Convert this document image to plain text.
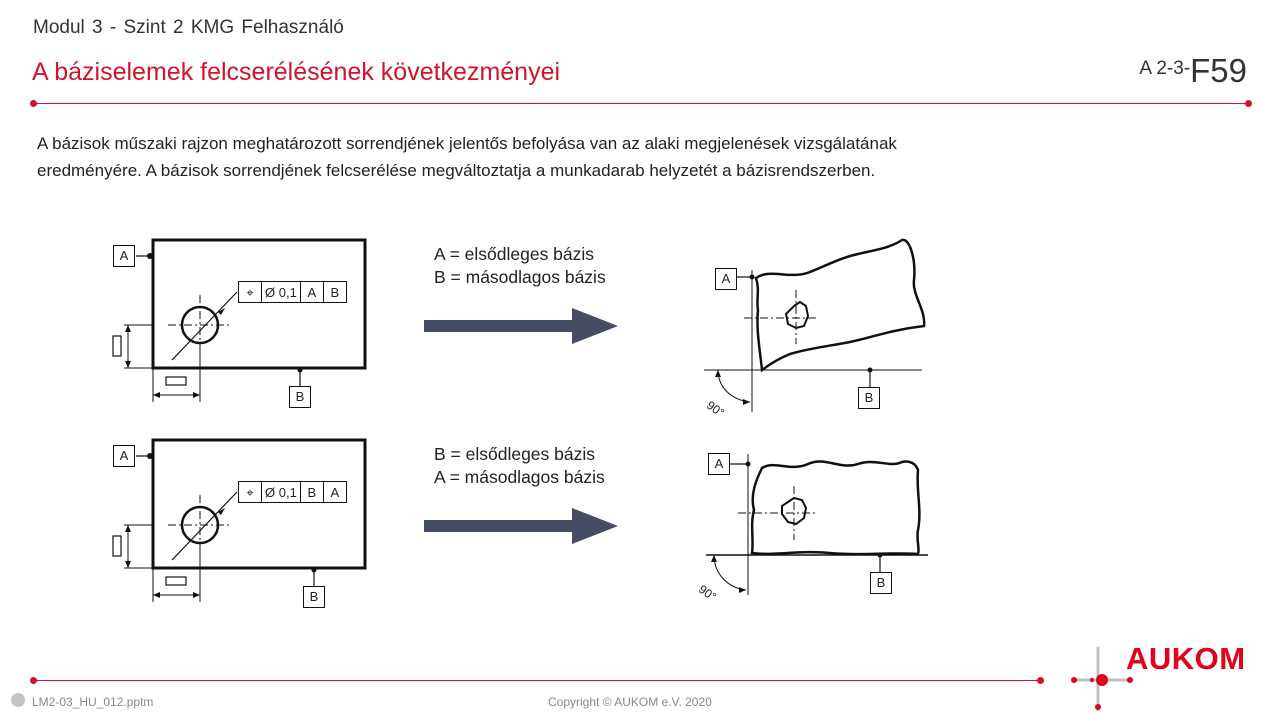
Modul 3 - Szint 2 KMG Felhasználó
A báziselemek felcserélésének következményei	A 2-3-F59
A bázisok műszaki rajzon meghatározott sorrendjének jelentős befolyása van az alaki megjelenések vizsgálatának
eredményére. A bázisok sorrendjének felcserélése megváltoztatja a munkadarab helyzetét a bázisrendszerben.
A
B
⌖ Ø 0,1 A	B
A = elsődleges bázis
B = másodlagos bázis	A
B
90°
A
B
⌖ Ø 0,1 B	A
B = elsődleges bázis
A = másodlagos bázis
A
B
90°
LM2-03_HU_012.pptm	Copyright © AUKOM e.V. 2020
AUKOM
